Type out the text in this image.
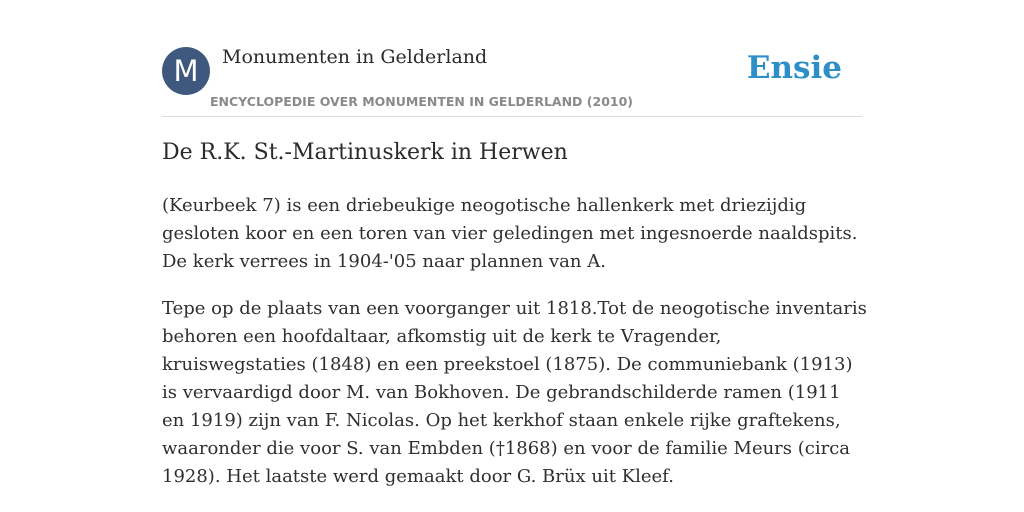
M	Monumenten in Gelderland
ENCYCLOPEDIE OVER MONUMENTEN IN GELDERLAND (2010)
Ensie
De R.K. St.-Martinuskerk in Herwen

(Keurbeek 7) is een driebeukige neogotische hallenkerk met driezijdig gesloten koor en een toren van vier geledingen met ingesnoerde naaldspits. De kerk verrees in 1904-'05 naar plannen van A.

Tepe op de plaats van een voorganger uit 1818.Tot de neogotische inventaris behoren een hoofdaltaar, afkomstig uit de kerk te Vragender, kruiswegstaties (1848) en een preekstoel (1875). De communiebank (1913) is vervaardigd door M. van Bokhoven. De gebrandschilderde ramen (1911 en 1919) zijn van F. Nicolas. Op het kerkhof staan enkele rijke graftekens, waaronder die voor S. van Embden (†1868) en voor de familie Meurs (circa 1928). Het laatste werd gemaakt door G. Brüx uit Kleef.
